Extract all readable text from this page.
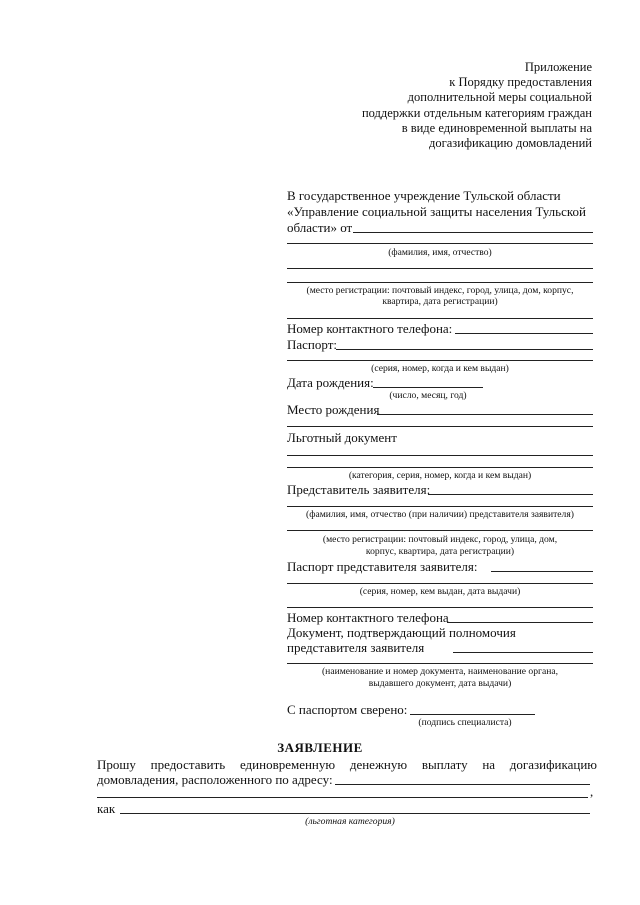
Приложение
к Порядку предоставления
дополнительной меры социальной
поддержки отдельным категориям граждан
в виде единовременной выплаты на
догазификацию домовладений
В государственное учреждение Тульской области
«Управление социальной защиты населения Тульской
области» от
(фамилия, имя, отчество)
(место регистрации: почтовый индекс, город, улица, дом, корпус,
квартира, дата регистрации)
Номер контактного телефона:
Паспорт:
(серия, номер, когда и кем выдан)
Дата рождения:
(число, месяц, год)
Место рождения
Льготный документ
(категория, серия, номер, когда и кем выдан)
Представитель заявителя:
(фамилия, имя, отчество (при наличии) представителя заявителя)
(место регистрации: почтовый индекс, город, улица, дом,
корпус, квартира, дата регистрации)
Паспорт представителя заявителя:
(серия, номер, кем выдан, дата выдачи)
Номер контактного телефона
Документ, подтверждающий полномочия
представителя заявителя
(наименование и номер документа, наименование органа,
выдавшего документ, дата выдачи)
С паспортом сверено:
(подпись специалиста)
ЗАЯВЛЕНИЕ
Прошу предоставить единовременную денежную выплату на догазификацию
домовладения, расположенного по адресу:
,
как
(льготная категория)
